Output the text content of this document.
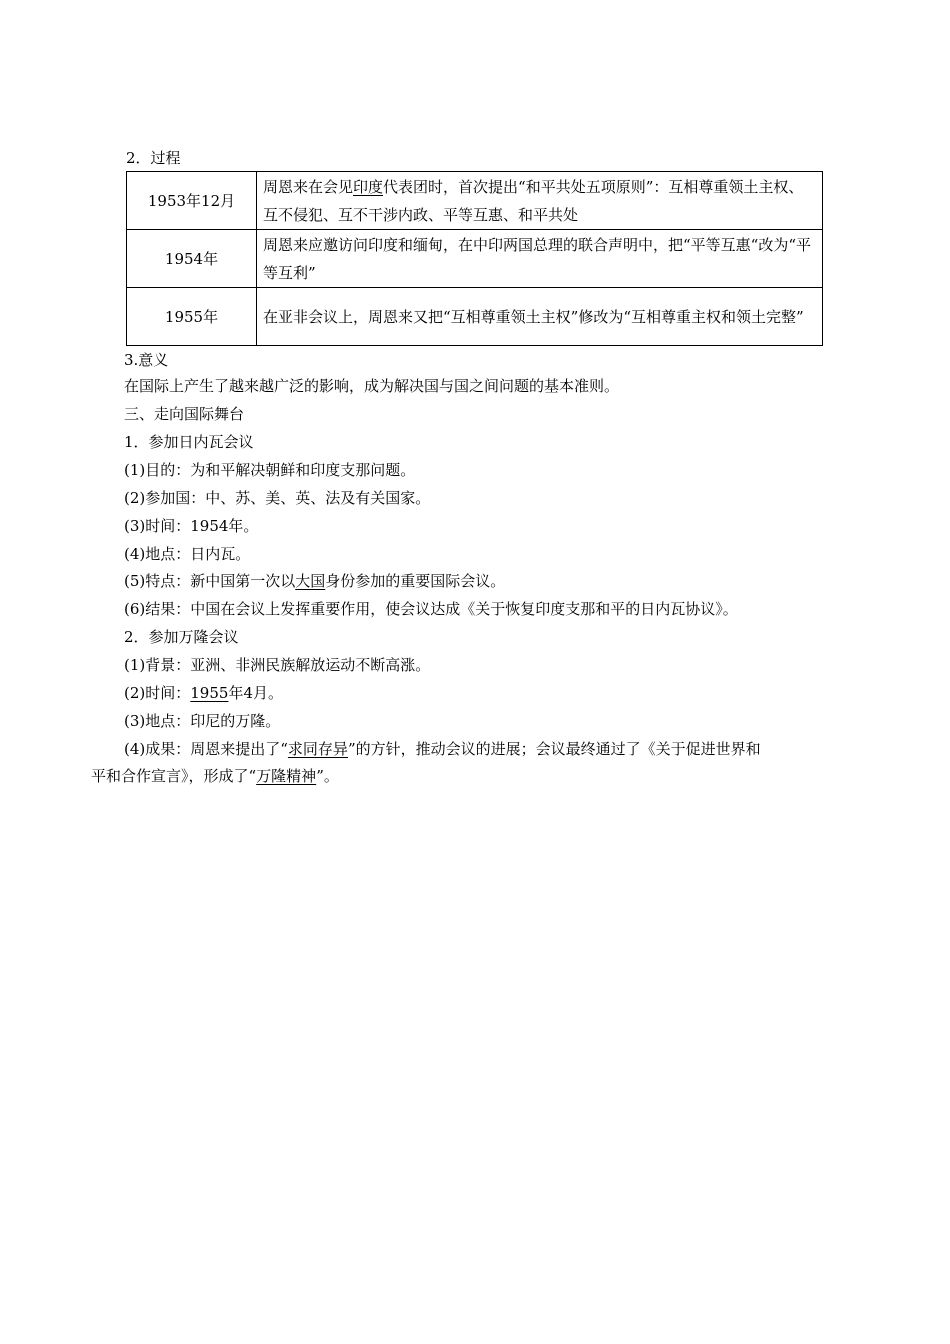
2．过程
1953年12月	周恩来在会见印度代表团时，首次提出“和平共处五项原则”：互相尊重领土主权、互不侵犯、互不干涉内政、平等互惠、和平共处
1954年	周恩来应邀访问印度和缅甸，在中印两国总理的联合声明中，把“平等互惠“改为“平等互利”
1955年	在亚非会议上，周恩来又把“互相尊重领土主权”修改为“互相尊重主权和领土完整”
3.意义
在国际上产生了越来越广泛的影响，成为解决国与国之间问题的基本准则。
三、走向国际舞台
1．参加日内瓦会议
(1)目的：为和平解决朝鲜和印度支那问题。
(2)参加国：中、苏、美、英、法及有关国家。
(3)时间：1954年。
(4)地点：日内瓦。
(5)特点：新中国第一次以大国身份参加的重要国际会议。
(6)结果：中国在会议上发挥重要作用，使会议达成《关于恢复印度支那和平的日内瓦协议》。
2．参加万隆会议
(1)背景：亚洲、非洲民族解放运动不断高涨。
(2)时间：1955年4月。
(3)地点：印尼的万隆。
(4)成果：周恩来提出了“求同存异”的方针，推动会议的进展；会议最终通过了《关于促进世界和
平和合作宣言》，形成了“万隆精神”。
